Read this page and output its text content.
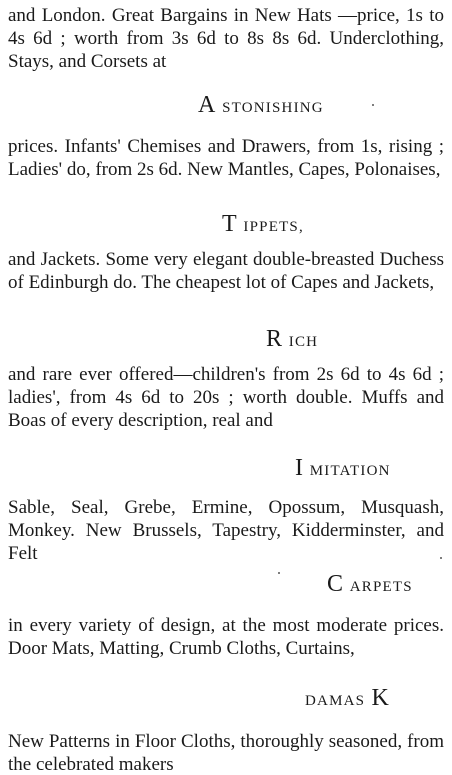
and London. Great Bargains in New Hats —price, 1s to 4s 6d ; worth from 3s 6d to 8s 8s 6d. Underclothing, Stays, and Corsets at

A STONISHING

prices. Infants' Chemises and Drawers, from 1s, rising ; Ladies' do, from 2s 6d. New Mantles, Capes, Polonaises,

T IPPETS,

and Jackets. Some very elegant double-breasted Duchess of Edinburgh do. The cheapest lot of Capes and Jackets,

R ICH

and rare ever offered—children's from 2s 6d to 4s 6d ; ladies', from 4s 6d to 20s ; worth double. Muffs and Boas of every description, real and

I MITATION

Sable, Seal, Grebe, Ermine, Opossum, Musquash, Monkey. New Brussels, Tapestry, Kidderminster, and Felt

C ARPETS

in every variety of design, at the most moderate prices. Door Mats, Matting, Crumb Cloths, Curtains,

DAMAS K

New Patterns in Floor Cloths, thoroughly seasoned, from the celebrated makers
